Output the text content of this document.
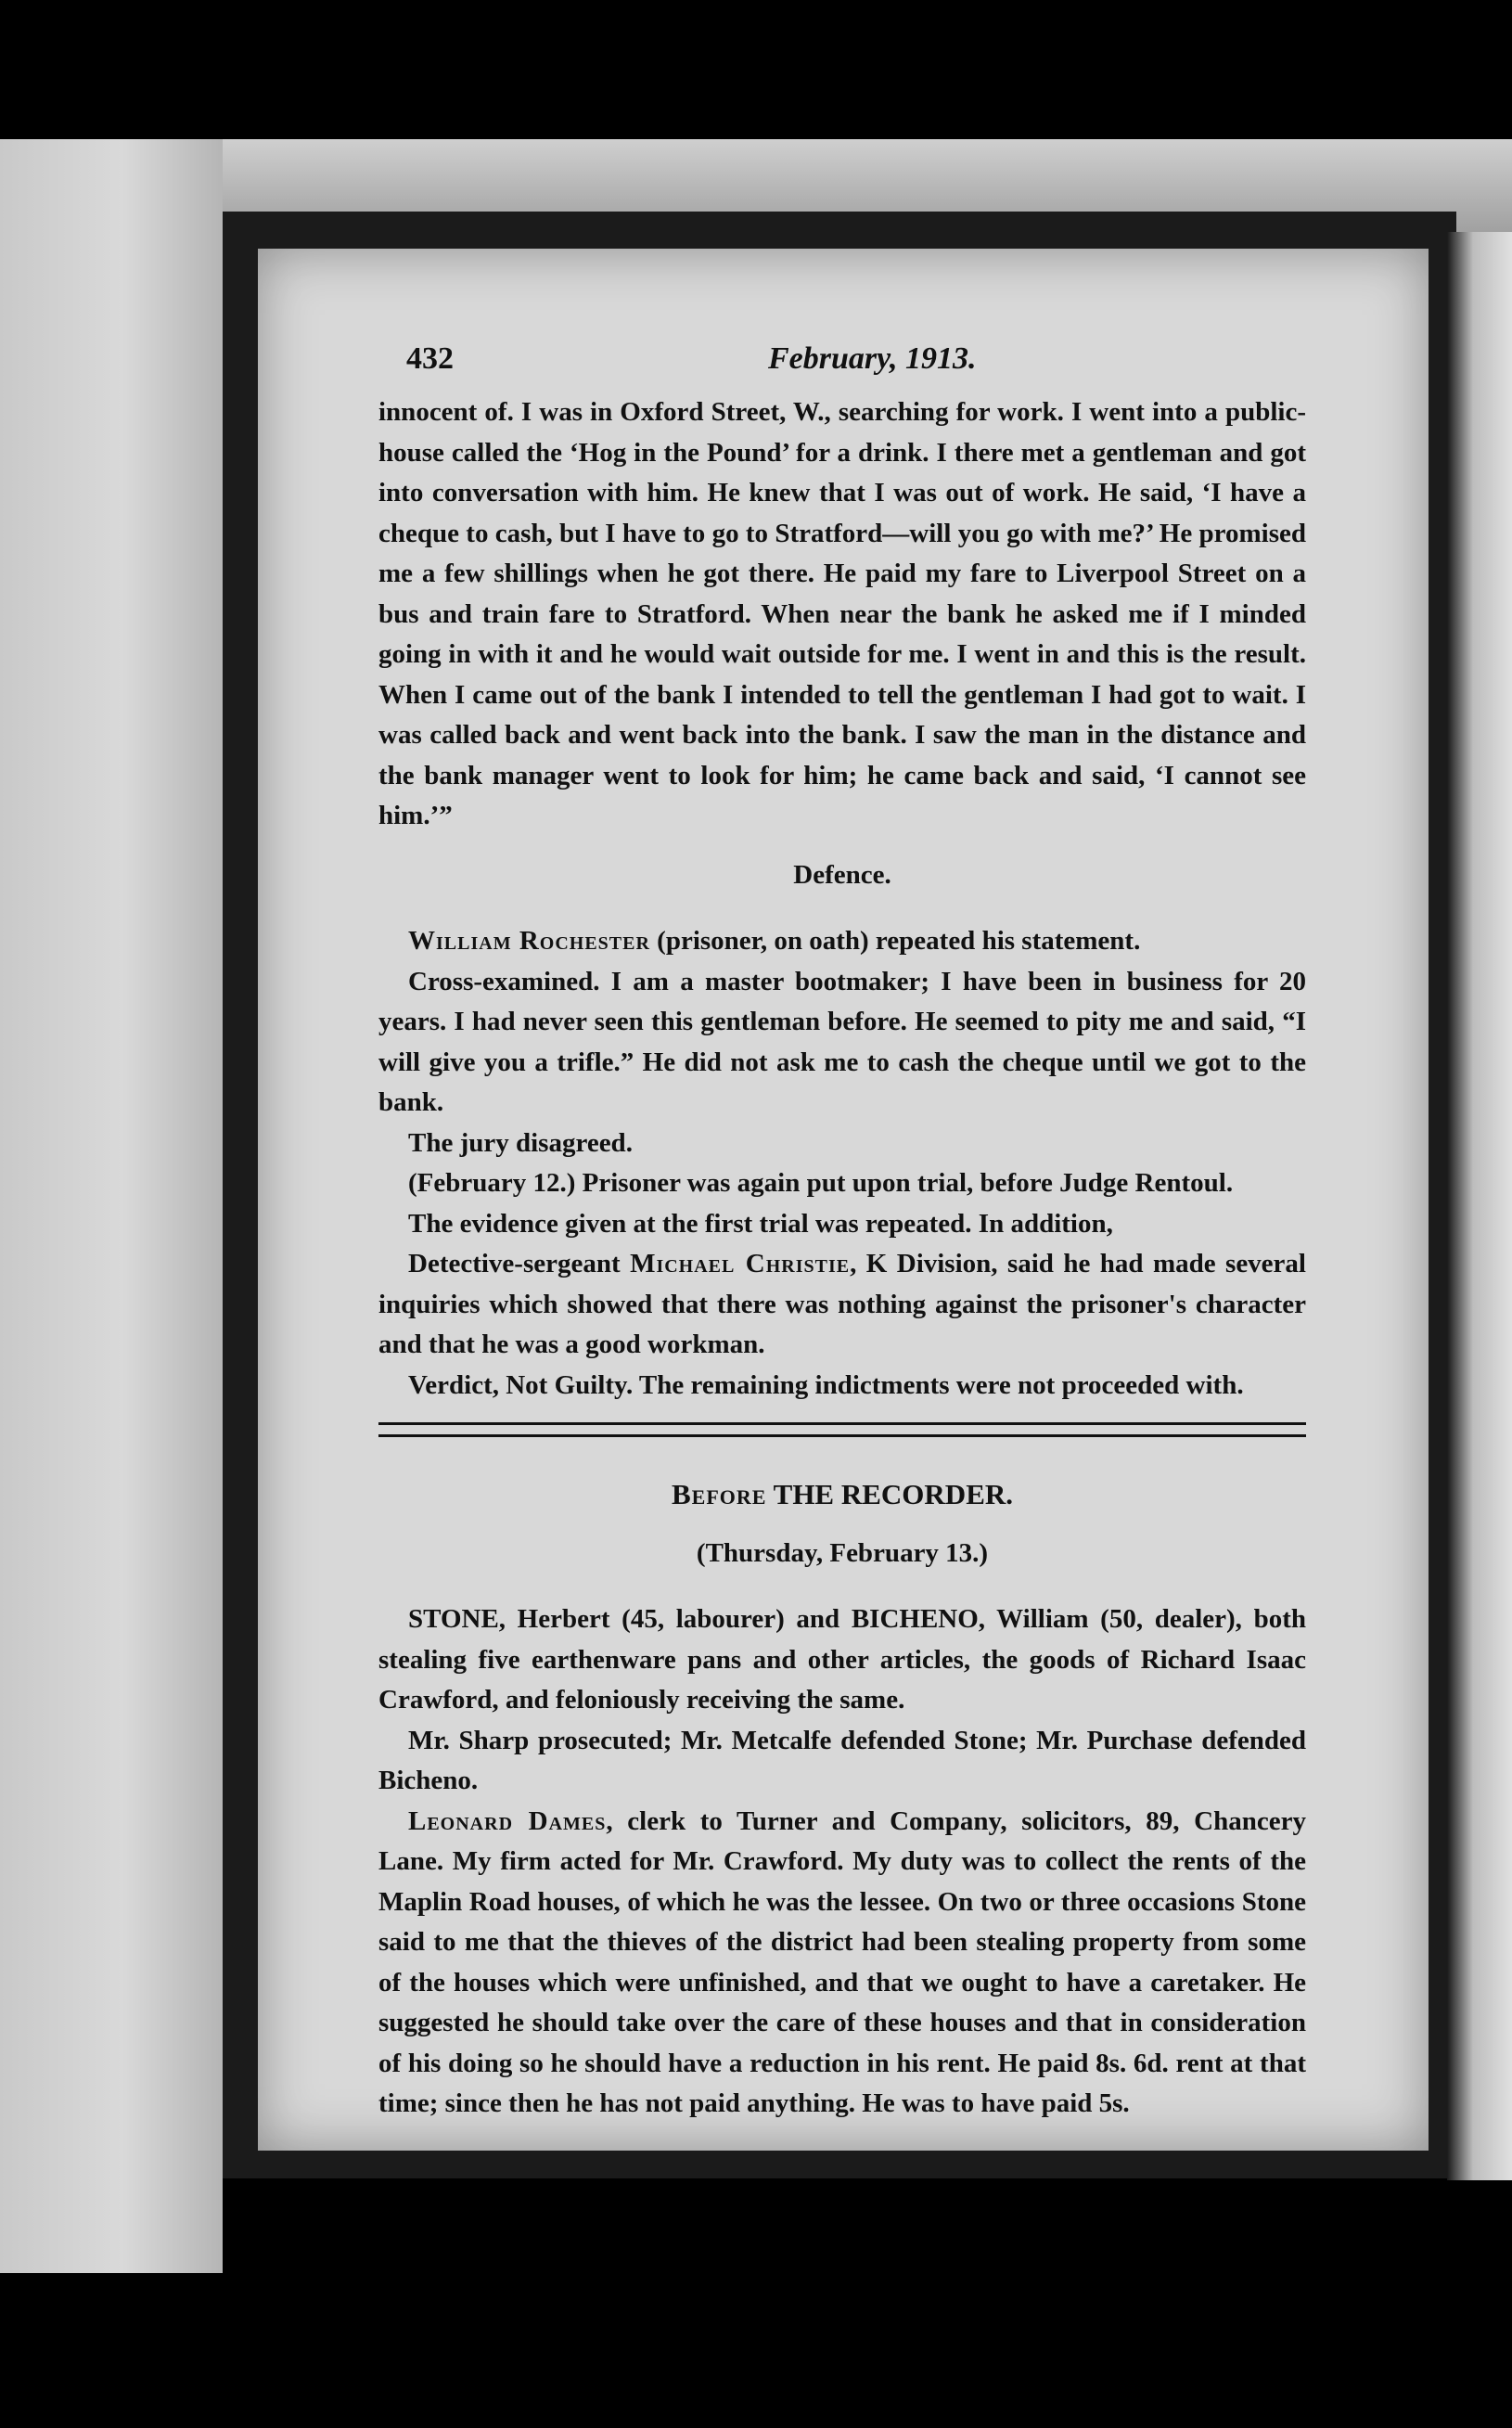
432	February, 1913.

innocent of. I was in Oxford Street, W., searching for work. I went into a public-house called the ‘Hog in the Pound’ for a drink. I there met a gentleman and got into conversation with him. He knew that I was out of work. He said, ‘I have a cheque to cash, but I have to go to Stratford—will you go with me?’ He promised me a few shillings when he got there. He paid my fare to Liverpool Street on a bus and train fare to Stratford. When near the bank he asked me if I minded going in with it and he would wait outside for me. I went in and this is the result. When I came out of the bank I intended to tell the gentleman I had got to wait. I was called back and went back into the bank. I saw the man in the distance and the bank manager went to look for him; he came back and said, ‘I cannot see him.’”

Defence.

William Rochester (prisoner, on oath) repeated his statement.

Cross-examined. I am a master bootmaker; I have been in business for 20 years. I had never seen this gentleman before. He seemed to pity me and said, “I will give you a trifle.” He did not ask me to cash the cheque until we got to the bank.

The jury disagreed.

(February 12.) Prisoner was again put upon trial, before Judge Rentoul.

The evidence given at the first trial was repeated. In addition,

Detective-sergeant Michael Christie, K Division, said he had made several inquiries which showed that there was nothing against the prisoner's character and that he was a good workman.

Verdict, Not Guilty. The remaining indictments were not proceeded with.

Before THE RECORDER.

(Thursday, February 13.)

STONE, Herbert (45, labourer) and BICHENO, William (50, dealer), both stealing five earthenware pans and other articles, the goods of Richard Isaac Crawford, and feloniously receiving the same.

Mr. Sharp prosecuted; Mr. Metcalfe defended Stone; Mr. Purchase defended Bicheno.

Leonard Dames, clerk to Turner and Company, solicitors, 89, Chancery Lane. My firm acted for Mr. Crawford. My duty was to collect the rents of the Maplin Road houses, of which he was the lessee. On two or three occasions Stone said to me that the thieves of the district had been stealing property from some of the houses which were unfinished, and that we ought to have a caretaker. He suggested he should take over the care of these houses and that in consideration of his doing so he should have a reduction in his rent. He paid 8s. 6d. rent at that time; since then he has not paid anything. He was to have paid 5s.
